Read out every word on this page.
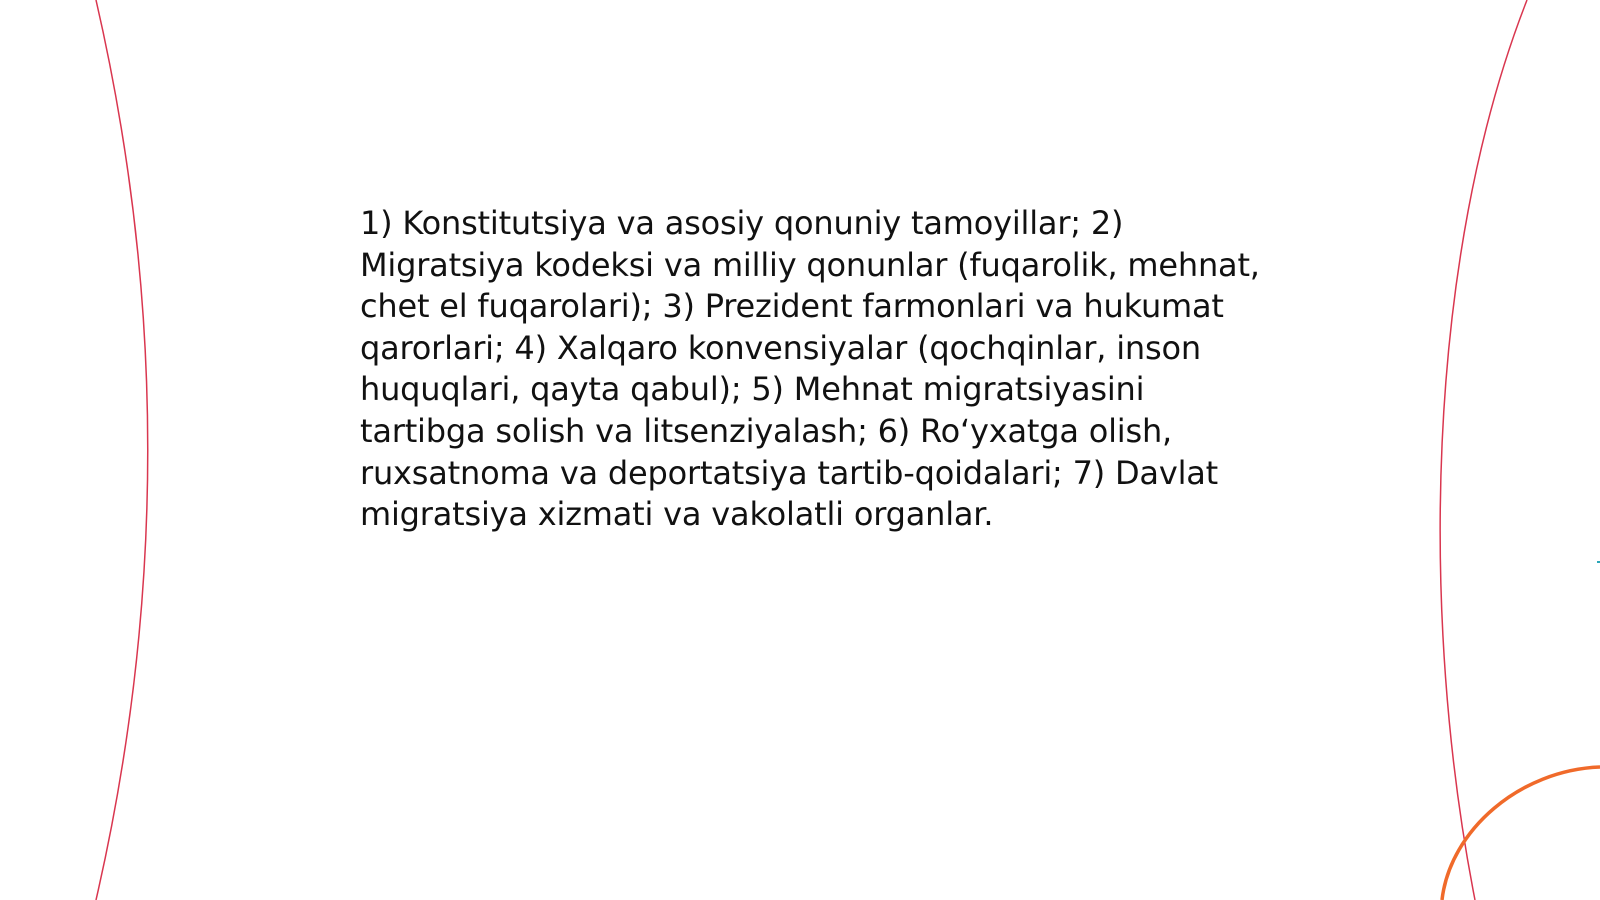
1) Konstitutsiya va asosiy qonuniy tamoyillar; 2) Migratsiya kodeksi va milliy qonunlar (fuqarolik, mehnat, chet el fuqarolari); 3) Prezident farmonlari va hukumat qarorlari; 4) Xalqaro konvensiyalar (qochqinlar, inson huquqlari, qayta qabul); 5) Mehnat migratsiyasini tartibga solish va litsenziyalash; 6) Ro‘yxatga olish, ruxsatnoma va deportatsiya tartib-qoidalari; 7) Davlat migratsiya xizmati va vakolatli organlar.
